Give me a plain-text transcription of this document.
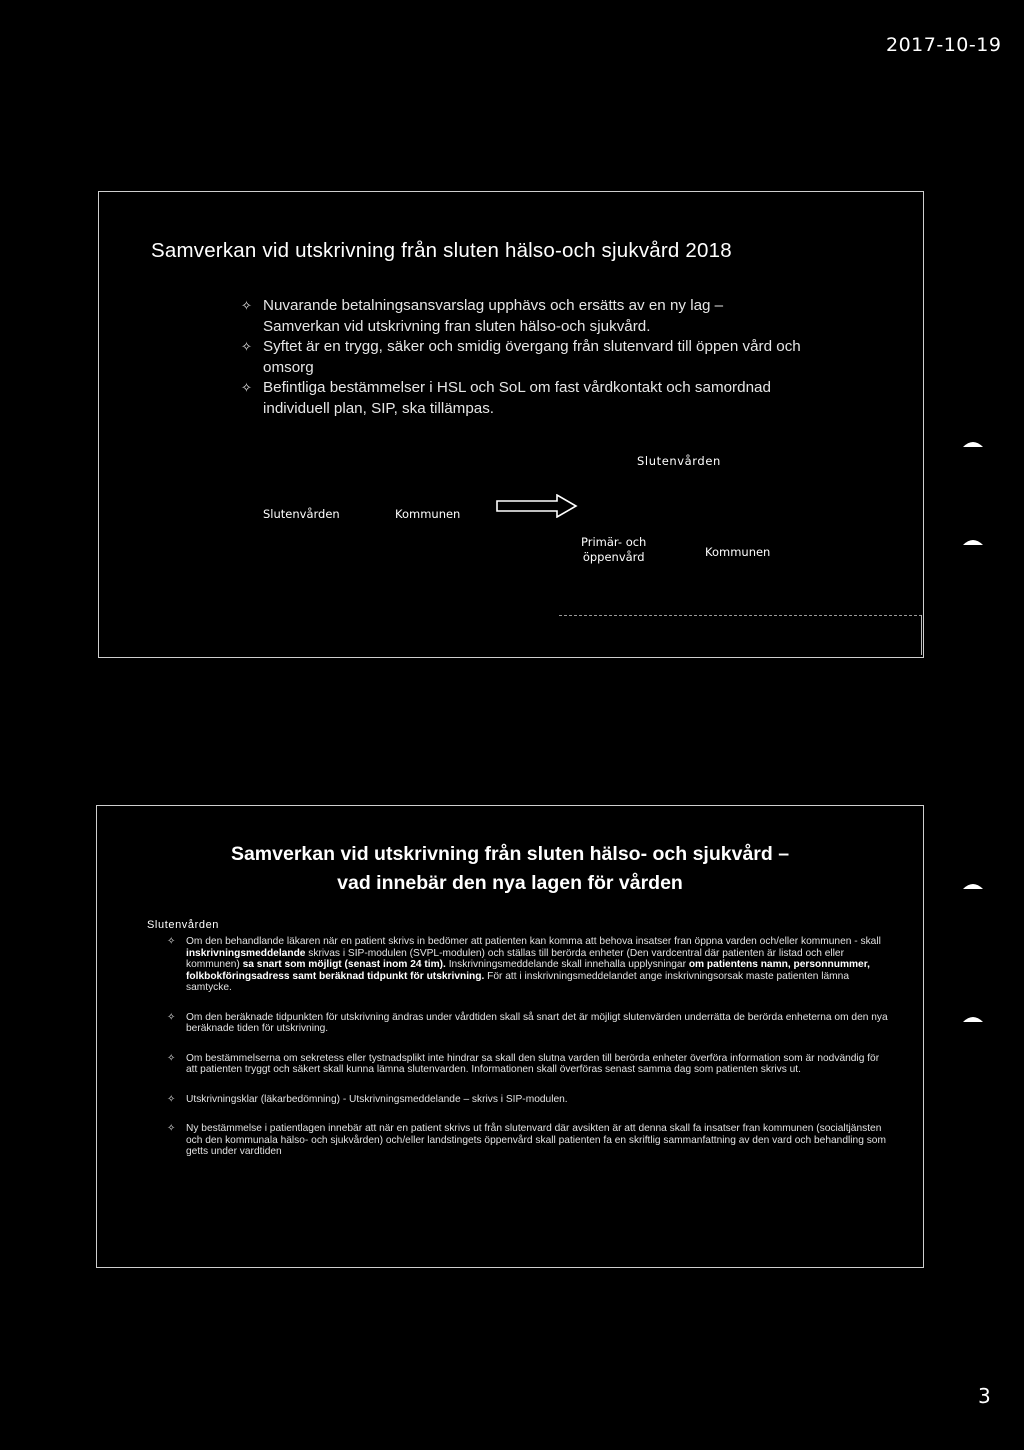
2017-10-19
Samverkan vid utskrivning från sluten hälso-och sjukvård 2018
✧ Nuvarande betalningsansvarslag upphävs och ersätts av en ny lag – Samverkan vid utskrivning fran sluten hälso-och sjukvård.
✧ Syftet är en trygg, säker och smidig övergang från slutenvard till öppen vård och omsorg
✧ Befintliga bestämmelser i HSL och SoL om fast vårdkontakt och samordnad individuell plan, SIP, ska tillämpas.
Slutenvården
Slutenvården	Kommunen
Primär- och
öppenvård	Kommunen
Samverkan vid utskrivning från sluten hälso- och sjukvård –
vad innebär den nya lagen för vården
Slutenvården
✧ Om den behandlande läkaren när en patient skrivs in bedömer att patienten kan komma att behova insatser fran öppna varden och/eller kommunen - skall inskrivningsmeddelande skrivas i SIP-modulen (SVPL-modulen) och ställas till berörda enheter (Den vardcentral där patienten är listad och eller kommunen) sa snart som möjligt (senast inom 24 tim). Inskrivningsmeddelande skall innehalla upplysningar om patientens namn, personnummer, folkbokföringsadress samt beräknad tidpunkt för utskrivning. För att i inskrivningsmeddelandet ange inskrivningsorsak maste patienten lämna samtycke.
✧ Om den beräknade tidpunkten för utskrivning ändras under vårdtiden skall så snart det är möjligt slutenvärden underrätta de berörda enheterna om den nya beräknade tiden för utskrivning.
✧ Om bestämmelserna om sekretess eller tystnadsplikt inte hindrar sa skall den slutna varden till berörda enheter överföra information som är nodvändig för att patienten tryggt och säkert skall kunna lämna slutenvarden. Informationen skall överföras senast samma dag som patienten skrivs ut.
✧ Utskrivningsklar (läkarbedömning) - Utskrivningsmeddelande – skrivs i SIP-modulen.
✧ Ny bestämmelse i patientlagen innebär att när en patient skrivs ut från slutenvard där avsikten är att denna skall fa insatser fran kommunen (socialtjänsten och den kommunala hälso- och sjukvården) och/eller landstingets öppenvård skall patienten fa en skriftlig sammanfattning av den vard och behandling som getts under vardtiden
3
